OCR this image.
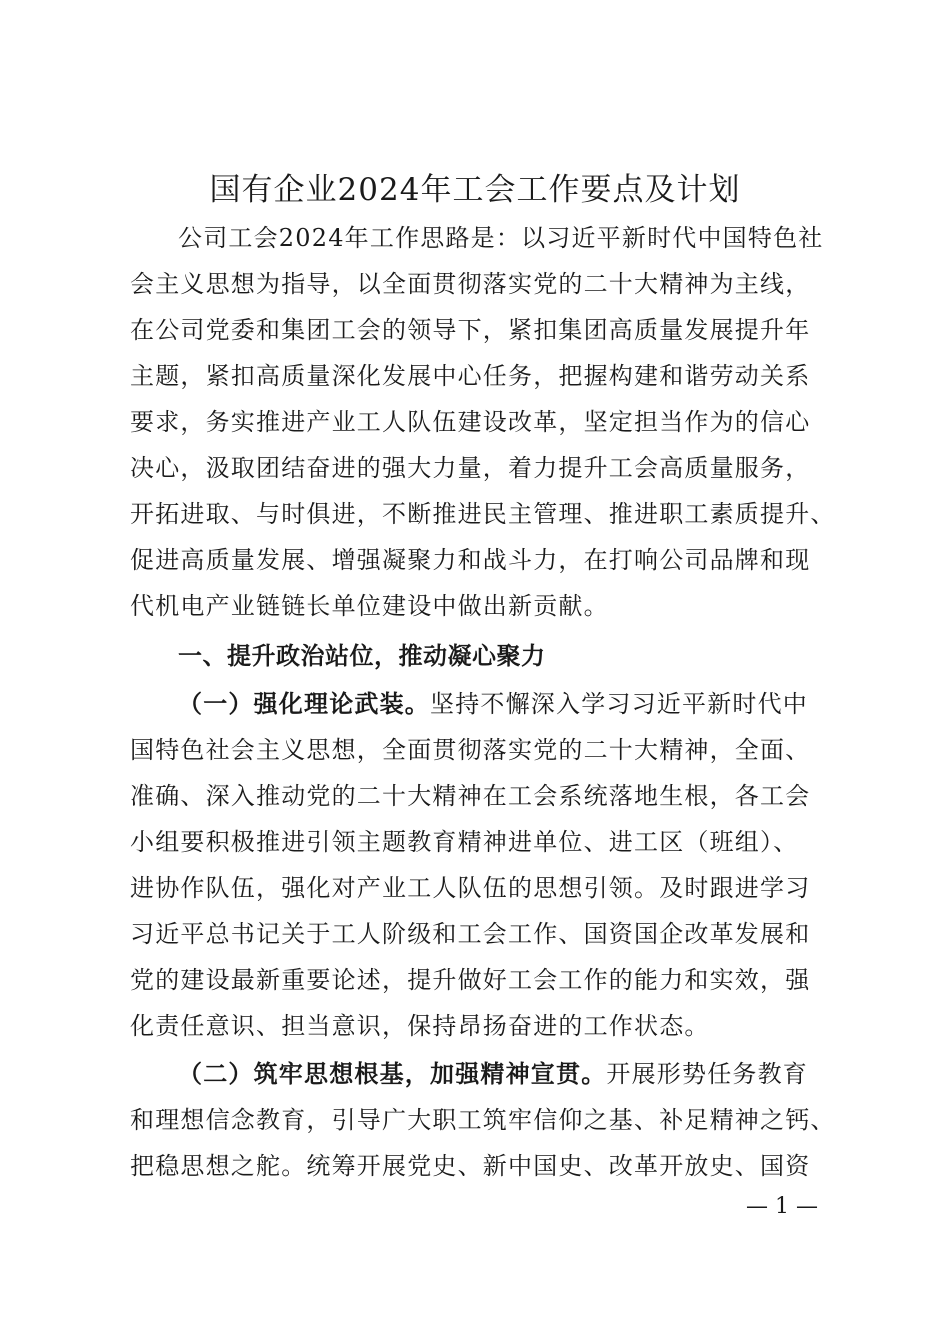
国有企业2024年工会工作要点及计划
公司工会2024年工作思路是：以习近平新时代中国特色社
会主义思想为指导，以全面贯彻落实党的二十大精神为主线，
在公司党委和集团工会的领导下，紧扣集团高质量发展提升年
主题，紧扣高质量深化发展中心任务，把握构建和谐劳动关系
要求，务实推进产业工人队伍建设改革，坚定担当作为的信心
决心，汲取团结奋进的强大力量，着力提升工会高质量服务，
开拓进取、与时俱进，不断推进民主管理、推进职工素质提升、
促进高质量发展、增强凝聚力和战斗力，在打响公司品牌和现
代机电产业链链长单位建设中做出新贡献。
一、提升政治站位，推动凝心聚力
（一）强化理论武装。坚持不懈深入学习习近平新时代中
国特色社会主义思想，全面贯彻落实党的二十大精神，全面、
准确、深入推动党的二十大精神在工会系统落地生根，各工会
小组要积极推进引领主题教育精神进单位、进工区（班组）、
进协作队伍，强化对产业工人队伍的思想引领。及时跟进学习
习近平总书记关于工人阶级和工会工作、国资国企改革发展和
党的建设最新重要论述，提升做好工会工作的能力和实效，强
化责任意识、担当意识，保持昂扬奋进的工作状态。
（二）筑牢思想根基，加强精神宣贯。开展形势任务教育
和理想信念教育，引导广大职工筑牢信仰之基、补足精神之钙、
把稳思想之舵。统筹开展党史、新中国史、改革开放史、国资
— 1 —
